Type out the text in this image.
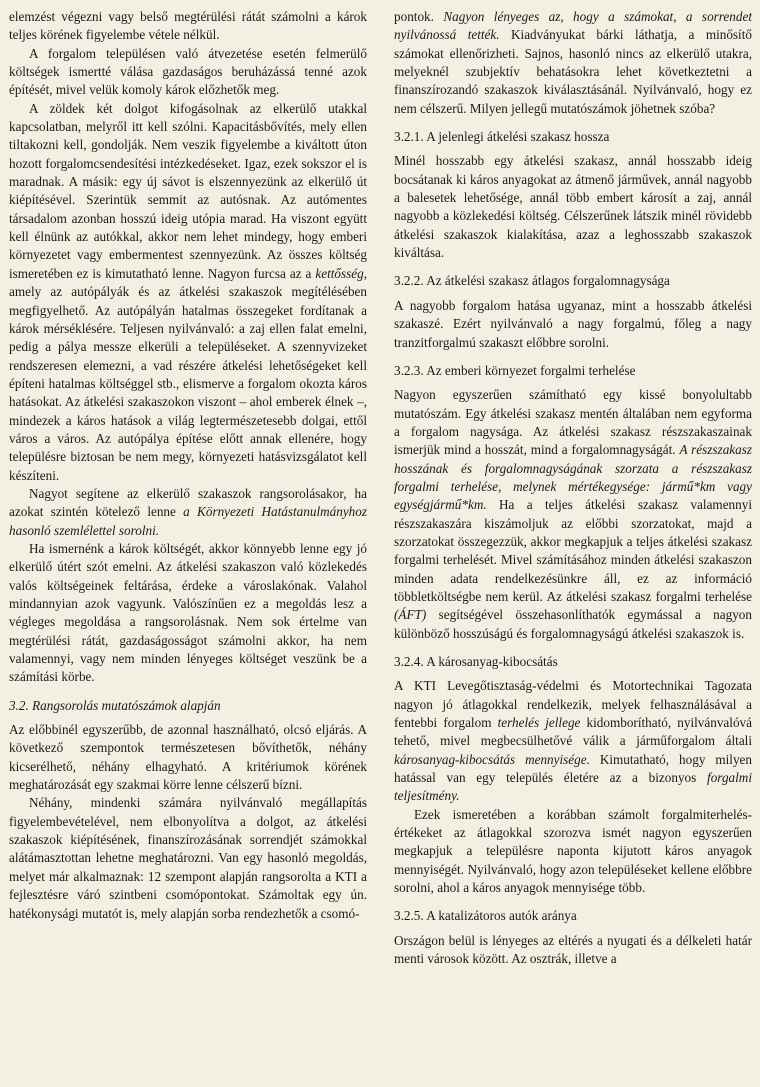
elemzést végezni vagy belső megtérülési rátát számolni a károk teljes körének figyelembe vétele nélkül.

A forgalom településen való átvezetése esetén felmerülő költségek ismertté válása gazdaságos beruházássá tenné azok építését, mivel velük komoly károk előzhetők meg.

A zöldek két dolgot kifogásolnak az elkerülő utakkal kapcsolatban, melyről itt kell szólni. Kapacitásbővítés, mely ellen tiltakozni kell, gondolják. Nem veszik figyelembe a kiváltott úton hozott forgalomcsendesítési intézkedéseket. Igaz, ezek sokszor el is maradnak. A másik: egy új sávot is elszennyezünk az elkerülő út kiépítésével. Szerintük semmit az autósnak. Az autómentes társadalom azonban hosszú ideig utópia marad. Ha viszont együtt kell élnünk az autókkal, akkor nem lehet mindegy, hogy emberi környezetet vagy embermentest szennyezünk. Az összes költség ismeretében ez is kimutatható lenne. Nagyon furcsa az a kettősség, amely az autópályák és az átkelési szakaszok megítélésében megfigyelhető. Az autópályán hatalmas összegeket fordítanak a károk mérséklésére. Teljesen nyilvánvaló: a zaj ellen falat emelni, pedig a pálya messze elkerüli a településeket. A szennyvizeket rendszeresen elemezni, a vad részére átkelési lehetőségeket kell építeni hatalmas költséggel stb., elismerve a forgalom okozta káros hatásokat. Az átkelési szakaszokon viszont – ahol emberek élnek –, mindezek a káros hatások a világ legtermészetesebb dolgai, ettől város a város. Az autópálya építése előtt annak ellenére, hogy településre biztosan be nem megy, környezeti hatásvizsgálatot kell készíteni.

Nagyot segítene az elkerülő szakaszok rangsorolásakor, ha azokat szintén kötelező lenne a Környezeti Hatástanulmányhoz hasonló szemlélettel sorolni.

Ha ismernénk a károk költségét, akkor könnyebb lenne egy jó elkerülő útért szót emelni. Az átkelési szakaszon való közlekedés valós költségeinek feltárása, érdeke a városlakónak. Valahol mindannyian azok vagyunk. Valószínűen ez a megoldás lesz a végleges megoldása a rangsorolásnak. Nem sok értelme van megtérülési rátát, gazdaságosságot számolni akkor, ha nem valamennyi, vagy nem minden lényeges költséget veszünk be a számítási körbe.

3.2. Rangsorolás mutatószámok alapján

Az előbbinél egyszerűbb, de azonnal használható, olcsó eljárás. A következő szempontok természetesen bővíthetők, néhány kicserélhető, néhány elhagyható. A kritériumok körének meghatározását egy szakmai körre lenne célszerű bízni.

Néhány, mindenki számára nyilvánvaló megállapítás figyelembevételével, nem elbonyolítva a dolgot, az átkelési szakaszok kiépítésének, finanszírozásának sorrendjét számokkal alátámasztottan lehetne meghatározni. Van egy hasonló megoldás, melyet már alkalmaznak: 12 szempont alapján rangsorolta a KTI a fejlesztésre váró szintbeni csomópontokat. Számoltak egy ún. hatékonysági mutatót is, mely alapján sorba rendezhetők a csomó-

pontok. Nagyon lényeges az, hogy a számokat, a sorrendet nyilvánossá tették. Kiadványukat bárki láthatja, a minősítő számokat ellenőrizheti. Sajnos, hasonló nincs az elkerülő utakra, melyeknél szubjektív behatásokra lehet következtetni a finanszírozandó szakaszok kiválasztásánál. Nyilvánvaló, hogy ez nem célszerű. Milyen jellegű mutatószámok jöhetnek szóba?

3.2.1. A jelenlegi átkelési szakasz hossza

Minél hosszabb egy átkelési szakasz, annál hosszabb ideig bocsátanak ki káros anyagokat az átmenő járművek, annál nagyobb a balesetek lehetősége, annál több embert károsít a zaj, annál nagyobb a közlekedési költség. Célszerűnek látszik minél rövidebb átkelési szakaszok kialakítása, azaz a leghosszabb szakaszok kiváltása.

3.2.2. Az átkelési szakasz átlagos forgalomnagysága

A nagyobb forgalom hatása ugyanaz, mint a hosszabb átkelési szakaszé. Ezért nyilvánvaló a nagy forgalmú, főleg a nagy tranzitforgalmú szakaszt előbbre sorolni.

3.2.3. Az emberi környezet forgalmi terhelése

Nagyon egyszerűen számítható egy kissé bonyolultabb mutatószám. Egy átkelési szakasz mentén általában nem egyforma a forgalom nagysága. Az átkelési szakasz részszakaszainak ismerjük mind a hosszát, mind a forgalomnagyságát. A részszakasz hosszának és forgalomnagyságának szorzata a részszakasz forgalmi terhelése, melynek mértékegysége: jármű*km vagy egységjármű*km. Ha a teljes átkelési szakasz valamennyi részszakaszára kiszámoljuk az előbbi szorzatokat, majd a szorzatokat összegezzük, akkor megkapjuk a teljes átkelési szakasz forgalmi terhelését. Mivel számításához minden átkelési szakaszon minden adata rendelkezésünkre áll, ez az információ többletköltségbe nem kerül. Az átkelési szakasz forgalmi terhelése (ÁFT) segítségével összehasonlíthatók egymással a nagyon különböző hosszúságú és forgalomnagyságú átkelési szakaszok is.

3.2.4. A károsanyag-kibocsátás

A KTI Levegőtisztaság-védelmi és Motortechnikai Tagozata nagyon jó átlagokkal rendelkezik, melyek felhasználásával a fentebbi forgalom terhelés jellege kidomborítható, nyilvánvalóvá tehető, mivel megbecsülhetővé válik a járműforgalom általi károsanyag-kibocsátás mennyisége. Kimutatható, hogy milyen hatással van egy település életére az a bizonyos forgalmi teljesítmény.

Ezek ismeretében a korábban számolt forgalmiterhelés-értékeket az átlagokkal szorozva ismét nagyon egyszerűen megkapjuk a településre naponta kijutott káros anyagok mennyiségét. Nyilvánvaló, hogy azon településeket kellene előbbre sorolni, ahol a káros anyagok mennyisége több.

3.2.5. A katalizátoros autók aránya

Országon belül is lényeges az eltérés a nyugati és a délkeleti határ menti városok között. Az osztrák, illetve a
